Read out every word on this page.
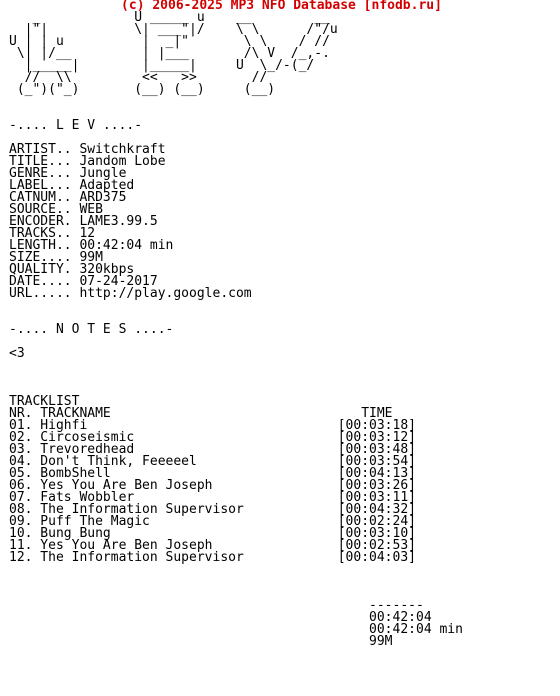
(c) 2006-2025 MP3 NFO Database [nfodb.ru]
_            U _____ u    __        __
|"|           \| ___"|/    \ \      /"/u
U | | u          |  _|"       \ \    / //
\| |/__         | |___       /\ V  /_,-.
|_____|        |_____|     U  \_/-(_/
//  \\         <<   >>       //
(_")("_)       (__) (__)     (__)

-.... L E V ....-

ARTIST.. Switchkraft
TITLE... Jandom Lobe
GENRE... Jungle
LABEL... Adapted
CATNUM.. ARD375
SOURCE.. WEB
ENCODER. LAME3.99.5
TRACKS.. 12
LENGTH.. 00:42:04 min
SIZE.... 99M
QUALITY. 320kbps
DATE.... 07-24-2017
URL..... http://play.google.com

-.... N O T E S ....-

<3

TRACKLIST
NR. TRACKNAME                                TIME
01. Highfi                                [00:03:18]
02. Circoseismic                          [00:03:12]
03. Trevoredhead                          [00:03:48]
04. Don't Think, Feeeeel                  [00:03:54]
05. BombShell                             [00:04:13]
06. Yes You Are Ben Joseph                [00:03:26]
07. Fats Wobbler                          [00:03:11]
08. The Information Supervisor            [00:04:32]
09. Puff The Magic                        [00:02:24]
10. Bung Bung                             [00:03:10]
11. Yes You Are Ben Joseph                [00:02:53]
12. The Information Supervisor            [00:04:03]

-------
00:42:04
00:42:04 min
99M
